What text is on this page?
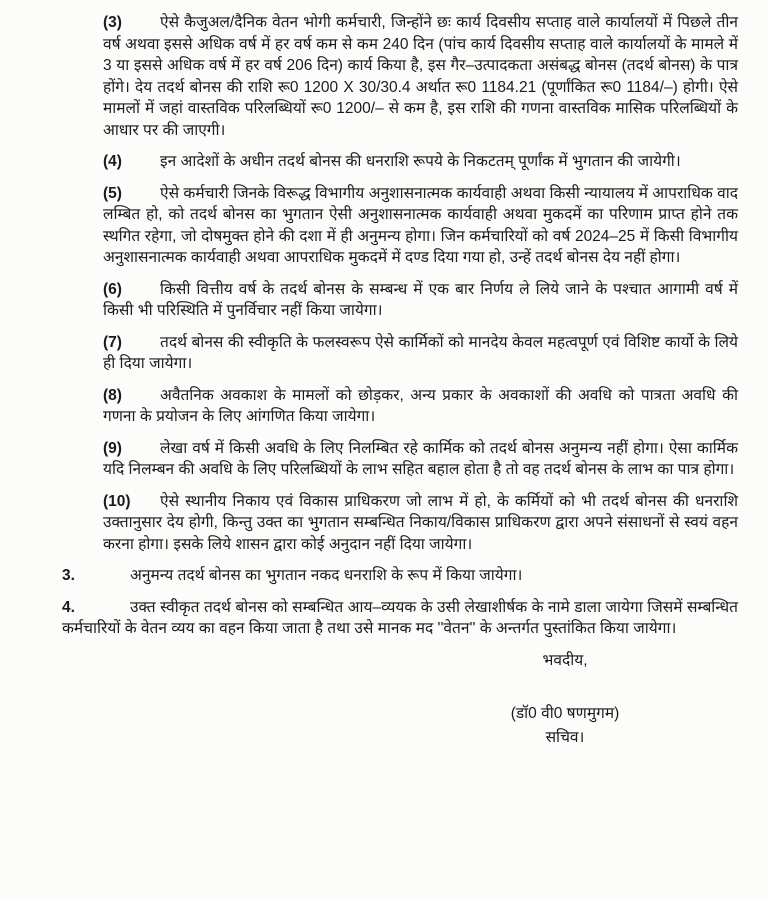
(3) ऐसे कैजुअल/दैनिक वेतन भोगी कर्मचारी, जिन्होंने छः कार्य दिवसीय सप्ताह वाले कार्यालयों में पिछले तीन वर्ष अथवा इससे अधिक वर्ष में हर वर्ष कम से कम 240 दिन (पांच कार्य दिवसीय सप्ताह वाले कार्यालयों के मामले में 3 या इससे अधिक वर्ष में हर वर्ष 206 दिन) कार्य किया है, इस गैर–उत्पादकता असंबद्ध बोनस (तदर्थ बोनस) के पात्र होंगे। देय तदर्थ बोनस की राशि रू0 1200 X 30/30.4 अर्थात रू0 1184.21 (पूर्णांकित रू0 1184/–) होगी। ऐसे मामलों में जहां वास्तविक परिलब्धियों रू0 1200/– से कम है, इस राशि की गणना वास्तविक मासिक परिलब्धियों के आधार पर की जाएगी।

(4) इन आदेशों के अधीन तदर्थ बोनस की धनराशि रूपये के निकटतम् पूर्णांक में भुगतान की जायेगी।

(5) ऐसे कर्मचारी जिनके विरूद्ध विभागीय अनुशासनात्मक कार्यवाही अथवा किसी न्यायालय में आपराधिक वाद लम्बित हो, को तदर्थ बोनस का भुगतान ऐसी अनुशासनात्मक कार्यवाही अथवा मुकदमें का परिणाम प्राप्त होने तक स्थगित रहेगा, जो दोषमुक्त होने की दशा में ही अनुमन्य होगा। जिन कर्मचारियों को वर्ष 2024–25 में किसी विभागीय अनुशासनात्मक कार्यवाही अथवा आपराधिक मुकदमें में दण्ड दिया गया हो, उन्हें तदर्थ बोनस देय नहीं होगा।

(6) किसी वित्तीय वर्ष के तदर्थ बोनस के सम्बन्ध में एक बार निर्णय ले लिये जाने के पश्चात आगामी वर्ष में किसी भी परिस्थिति में पुनर्विचार नहीं किया जायेगा।

(7) तदर्थ बोनस की स्वीकृति के फलस्वरूप ऐसे कार्मिकों को मानदेय केवल महत्वपूर्ण एवं विशिष्ट कार्यो के लिये ही दिया जायेगा।

(8) अवैतनिक अवकाश के मामलों को छोड़कर, अन्य प्रकार के अवकाशों की अवधि को पात्रता अवधि की गणना के प्रयोजन के लिए आंगणित किया जायेगा।

(9) लेखा वर्ष में किसी अवधि के लिए निलम्बित रहे कार्मिक को तदर्थ बोनस अनुमन्य नहीं होगा। ऐसा कार्मिक यदि निलम्बन की अवधि के लिए परिलब्धियों के लाभ सहित बहाल होता है तो वह तदर्थ बोनस के लाभ का पात्र होगा।

(10) ऐसे स्थानीय निकाय एवं विकास प्राधिकरण जो लाभ में हो, के कर्मियों को भी तदर्थ बोनस की धनराशि उक्तानुसार देय होगी, किन्तु उक्त का भुगतान सम्बन्धित निकाय/विकास प्राधिकरण द्वारा अपने संसाधनों से स्वयं वहन करना होगा। इसके लिये शासन द्वारा कोई अनुदान नहीं दिया जायेगा।

3.	अनुमन्य तदर्थ बोनस का भुगतान नकद धनराशि के रूप में किया जायेगा।

4.	उक्त स्वीकृत तदर्थ बोनस को सम्बन्धित आय–व्ययक के उसी लेखाशीर्षक के नामे डाला जायेगा जिसमें सम्बन्धित कर्मचारियों के वेतन व्यय का वहन किया जाता है तथा उसे मानक मद ''वेतन'' के अन्तर्गत पुस्तांकित किया जायेगा।

भवदीय,

(डॉ0 वी0 षणमुगम)

सचिव।
